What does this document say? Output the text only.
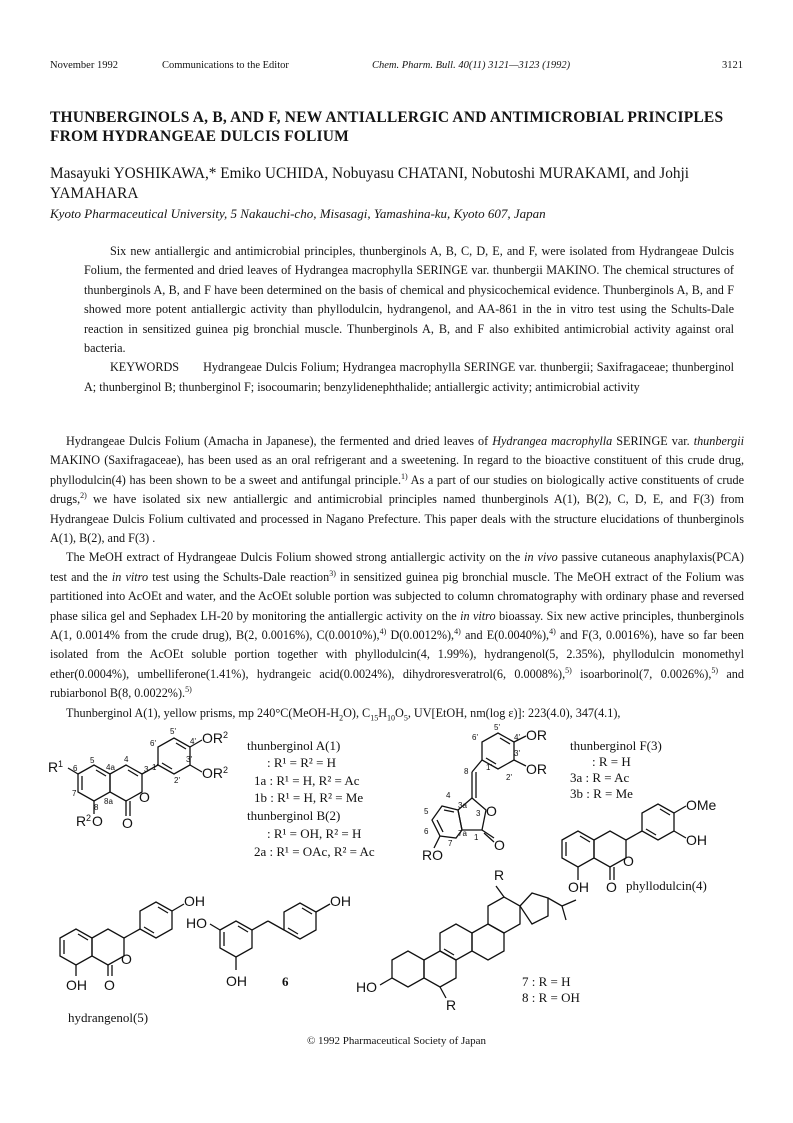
November 1992	Communications to the Editor	Chem. Pharm. Bull. 40(11) 3121—3123 (1992)	3121
THUNBERGINOLS A, B, AND F, NEW ANTIALLERGIC AND ANTIMICROBIAL PRINCIPLES FROM HYDRANGEAE DULCIS FOLIUM
Masayuki YOSHIKAWA,* Emiko UCHIDA, Nobuyasu CHATANI, Nobutoshi MURAKAMI, and Johji YAMAHARA
Kyoto Pharmaceutical University, 5 Nakauchi-cho, Misasagi, Yamashina-ku, Kyoto 607, Japan

Six new antiallergic and antimicrobial principles, thunberginols A, B, C, D, E, and F, were isolated from Hydrangeae Dulcis Folium, the fermented and dried leaves of Hydrangea macrophylla SERINGE var. thunbergii MAKINO. The chemical structures of thunberginols A, B, and F have been determined on the basis of chemical and physicochemical evidence. Thunberginols A, B, and F showed more potent antiallergic activity than phyllodulcin, hydrangenol, and AA-861 in the in vitro test using the Schults-Dale reaction in sensitized guinea pig bronchial muscle. Thunberginols A, B, and F also exhibited antimicrobial activity against oral bacteria.

KEYWORDS Hydrangeae Dulcis Folium; Hydrangea macrophylla SERINGE var. thunbergii; Saxifragaceae; thunberginol A; thunberginol B; thunberginol F; isocoumarin; benzylidenephthalide; antiallergic activity; antimicrobial activity

Hydrangeae Dulcis Folium (Amacha in Japanese), the fermented and dried leaves of Hydrangea macrophylla SERINGE var. thunbergii MAKINO (Saxifragaceae), has been used as an oral refrigerant and a sweetening. In regard to the bioactive constituent of this crude drug, phyllodulcin(4) has been shown to be a sweet and antifungal principle.$^{1)}$ As a part of our studies on biologically active constituents of crude drugs,$^{2)}$ we have isolated six new antiallergic and antimicrobial principles named thunberginols A(1), B(2), C, D, E, and F(3) from Hydrangeae Dulcis Folium cultivated and processed in Nagano Prefecture. This paper deals with the structure elucidations of thunberginols A(1), B(2), and F(3) .

The MeOH extract of Hydrangeae Dulcis Folium showed strong antiallergic activity on the in vivo passive cutaneous anaphylaxis(PCA) test and the in vitro test using the Schults-Dale reaction$^{3)}$ in sensitized guinea pig bronchial muscle. The MeOH extract of the Folium was partitioned into AcOEt and water, and the AcOEt soluble portion was subjected to column chromatography with ordinary phase and reversed phase silica gel and Sephadex LH-20 by monitoring the antiallergic activity on the in vitro bioassay. Six new active principles, thunberginols A(1, 0.0014% from the crude drug), B(2, 0.0016%), C(0.0010%),$^{4)}$ D(0.0012%),$^{4)}$ and E(0.0040%),$^{4)}$ and F(3, 0.0016%), have so far been isolated from the AcOEt soluble portion together with phyllodulcin(4, 1.99%), hydrangenol(5, 2.35%), phyllodulcin monomethyl ether(0.0004%), umbelliferone(1.41%), hydrangeic acid(0.0024%), dihydroresveratrol(6, 0.0008%),$^{5)}$ isoarborinol(7, 0.0026%),$^{5)}$ and rubiarbonol B(8, 0.0022%).$^{5)}$

Thunberginol A(1), yellow prisms, mp $240^\circ C(MeOH-H_2O)$, $C_{15}H_{10}O_5$, UV[EtOH, nm(log ε)]: 223(4.0), 347(4.1),

OR 2
OR 2
R 1
R 2 O O
O
5'
4'
6'
3'
1'
2'
6
5
4a
4
3
7
8
8a
thunberginol A(1)
: R¹ = R² = H
1a : R¹ = H, R² = Ac
1b : R¹ = H, R² = Me
thunberginol B(2)
: R¹ = OH, R² = H
2a : R¹ = OAc, R² = Ac
OR
OR
O
O
RO
5'
4'
6'
3'
1'
2'
8
4
3a
3
5
6
7
7a 1
thunberginol F(3)
: R = H
3a : R = Ac
3b : R = Me
OMe
OH
OH O
O
phyllodulcin(4)
OH
OH O
O
hydrangenol(5)
OH
HO
OH	6
R
HO
R
7 : R = H
8 : R = OH
© 1992 Pharmaceutical Society of Japan
